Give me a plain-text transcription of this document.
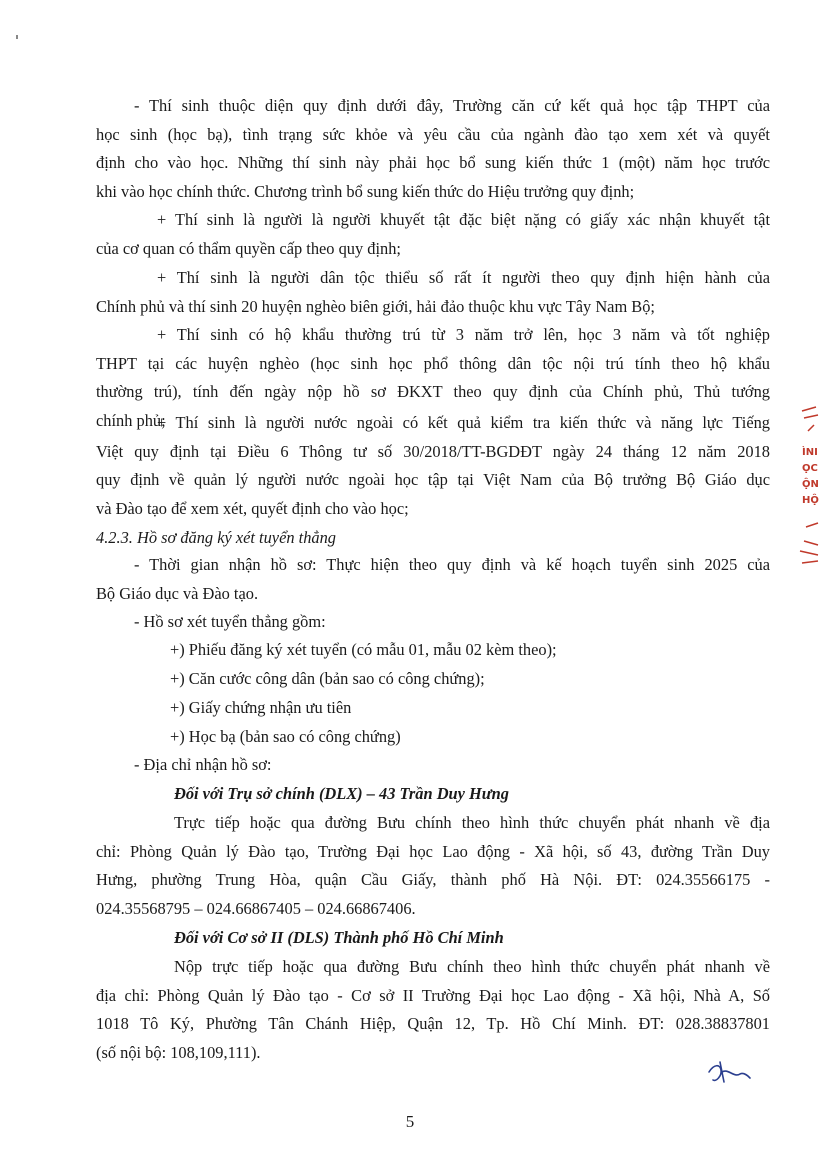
- Thí sinh thuộc diện quy định dưới đây, Trường căn cứ kết quả học tập THPT của
học sinh (học bạ), tình trạng sức khỏe và yêu cầu của ngành đào tạo xem xét và quyết
định cho vào học. Những thí sinh này phải học bổ sung kiến thức 1 (một) năm học trước
khi vào học chính thức. Chương trình bổ sung kiến thức do Hiệu trưởng quy định;
+ Thí sinh là người là người khuyết tật đặc biệt nặng có giấy xác nhận khuyết tật
của cơ quan có thẩm quyền cấp theo quy định;
+ Thí sinh là người dân tộc thiểu số rất ít người theo quy định hiện hành của
Chính phủ và thí sinh 20 huyện nghèo biên giới, hải đảo thuộc khu vực Tây Nam Bộ;
+ Thí sinh có hộ khẩu thường trú từ 3 năm trở lên, học 3 năm và tốt nghiệp
THPT tại các huyện nghèo (học sinh học phổ thông dân tộc nội trú tính theo hộ khẩu
thường trú), tính đến ngày nộp hồ sơ ĐKXT theo quy định của Chính phủ, Thủ tướng
chính phủ;
+ Thí sinh là người nước ngoài có kết quả kiểm tra kiến thức và năng lực Tiếng
Việt quy định tại Điều 6 Thông tư số 30/2018/TT-BGDĐT ngày 24 tháng 12 năm 2018
quy định về quản lý người nước ngoài học tập tại Việt Nam của Bộ trưởng Bộ Giáo dục
và Đào tạo để xem xét, quyết định cho vào học;
4.2.3. Hồ sơ đăng ký xét tuyển thẳng
- Thời gian nhận hồ sơ: Thực hiện theo quy định và kế hoạch tuyển sinh 2025 của
Bộ Giáo dục và Đào tạo.
- Hồ sơ xét tuyển thẳng gồm:
+) Phiếu đăng ký xét tuyển (có mẫu 01, mẫu 02 kèm theo);
+) Căn cước công dân (bản sao có công chứng);
+) Giấy chứng nhận ưu tiên
+) Học bạ (bản sao có công chứng)
- Địa chỉ nhận hồ sơ:
Đối với Trụ sở chính (DLX) – 43 Trần Duy Hưng
Trực tiếp hoặc qua đường Bưu chính theo hình thức chuyển phát nhanh về địa
chỉ: Phòng Quản lý Đào tạo, Trường Đại học Lao động - Xã hội, số 43, đường Trần Duy
Hưng, phường Trung Hòa, quận Cầu Giấy, thành phố Hà Nội. ĐT: 024.35566175 -
024.35568795 – 024.66867405 – 024.66867406.
Đối với Cơ sở II (DLS) Thành phố Hồ Chí Minh
Nộp trực tiếp hoặc qua đường Bưu chính theo hình thức chuyển phát nhanh về
địa chỉ: Phòng Quản lý Đào tạo - Cơ sở II Trường Đại học Lao động - Xã hội, Nhà A, Số
1018 Tô Ký, Phường Tân Chánh Hiệp, Quận 12, Tp. Hồ Chí Minh. ĐT: 028.38837801
(số nội bộ: 108,109,111).
ÌNI
ỌC
ỘN
HỘ
5
